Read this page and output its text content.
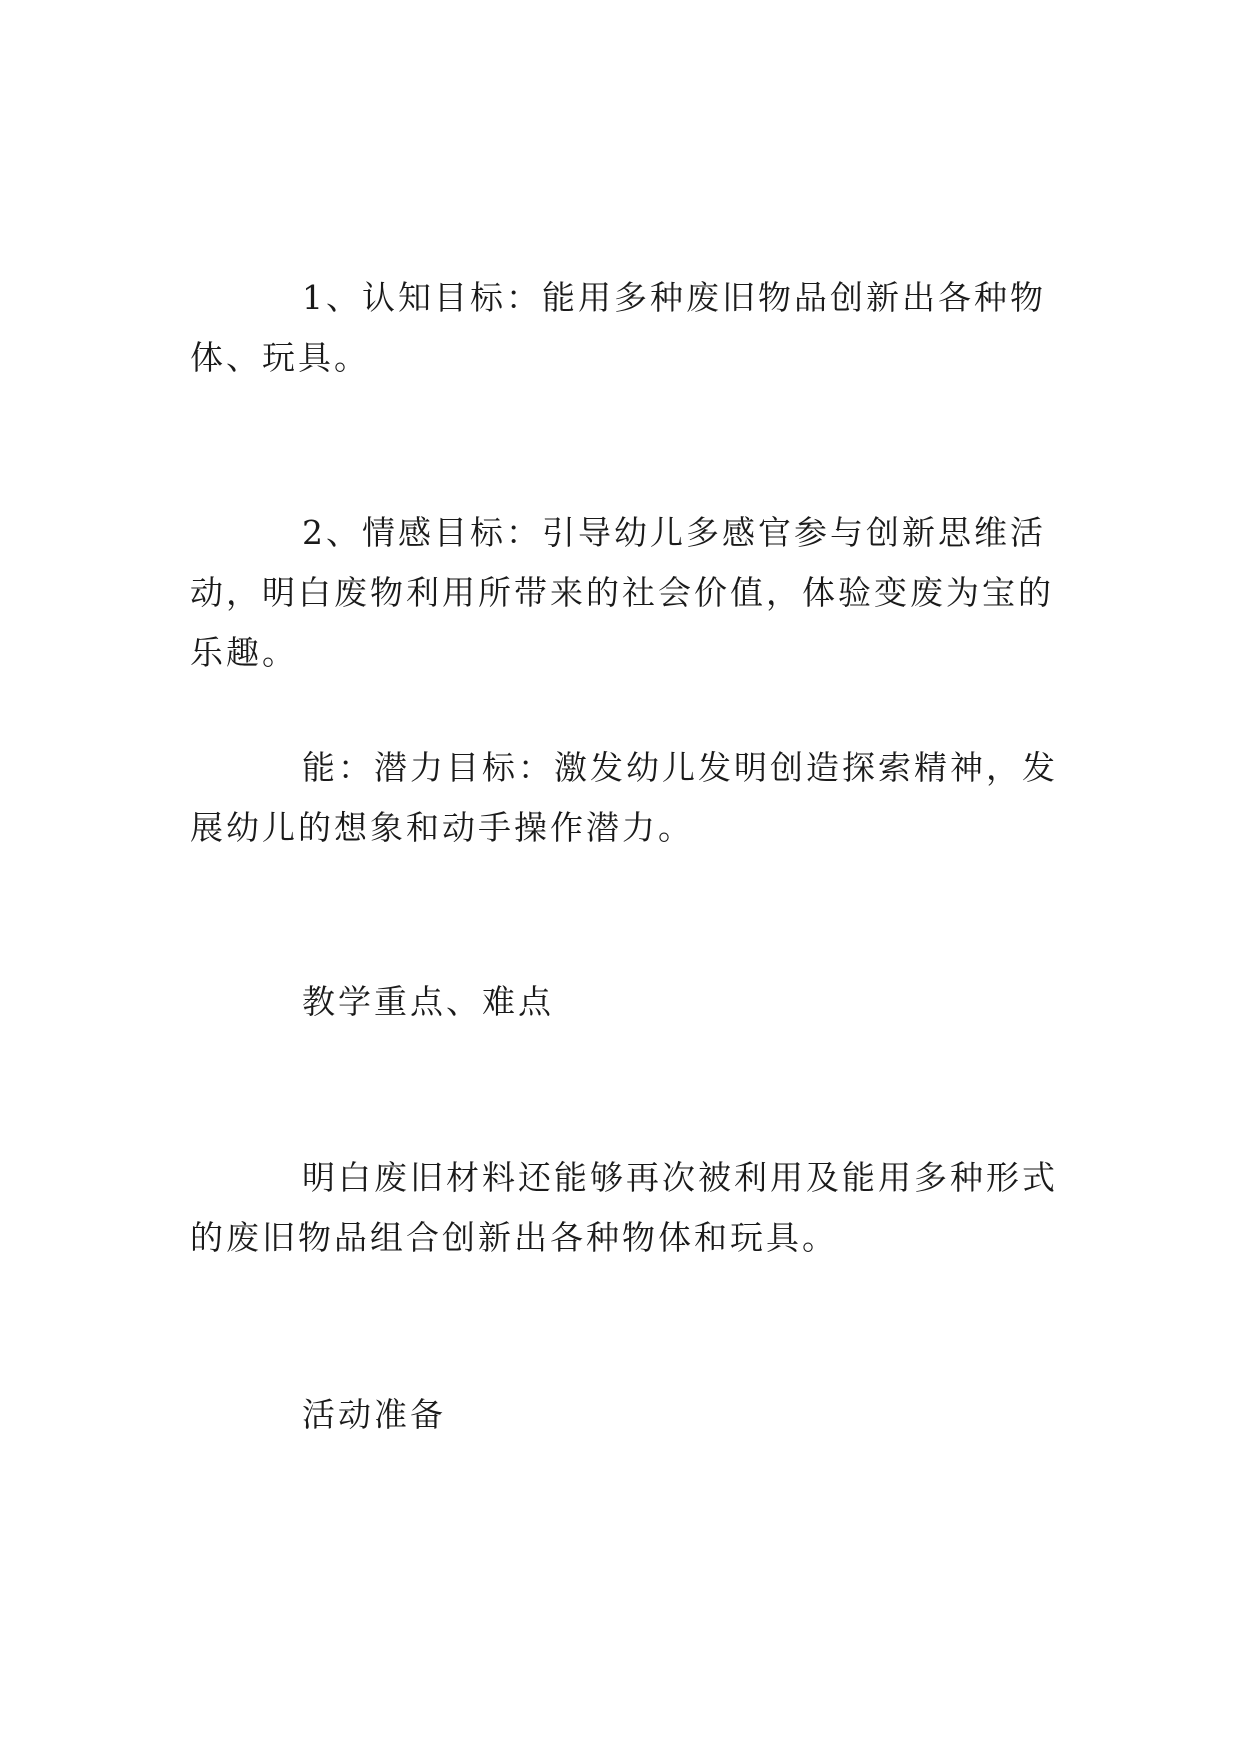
1、认知目标：能用多种废旧物品创新出各种物体、玩具。

2、情感目标：引导幼儿多感官参与创新思维活动，明白废物利用所带来的社会价值，体验变废为宝的乐趣。

能：潜力目标：激发幼儿发明创造探索精神，发展幼儿的想象和动手操作潜力。

教学重点、难点

明白废旧材料还能够再次被利用及能用多种形式的废旧物品组合创新出各种物体和玩具。

活动准备
